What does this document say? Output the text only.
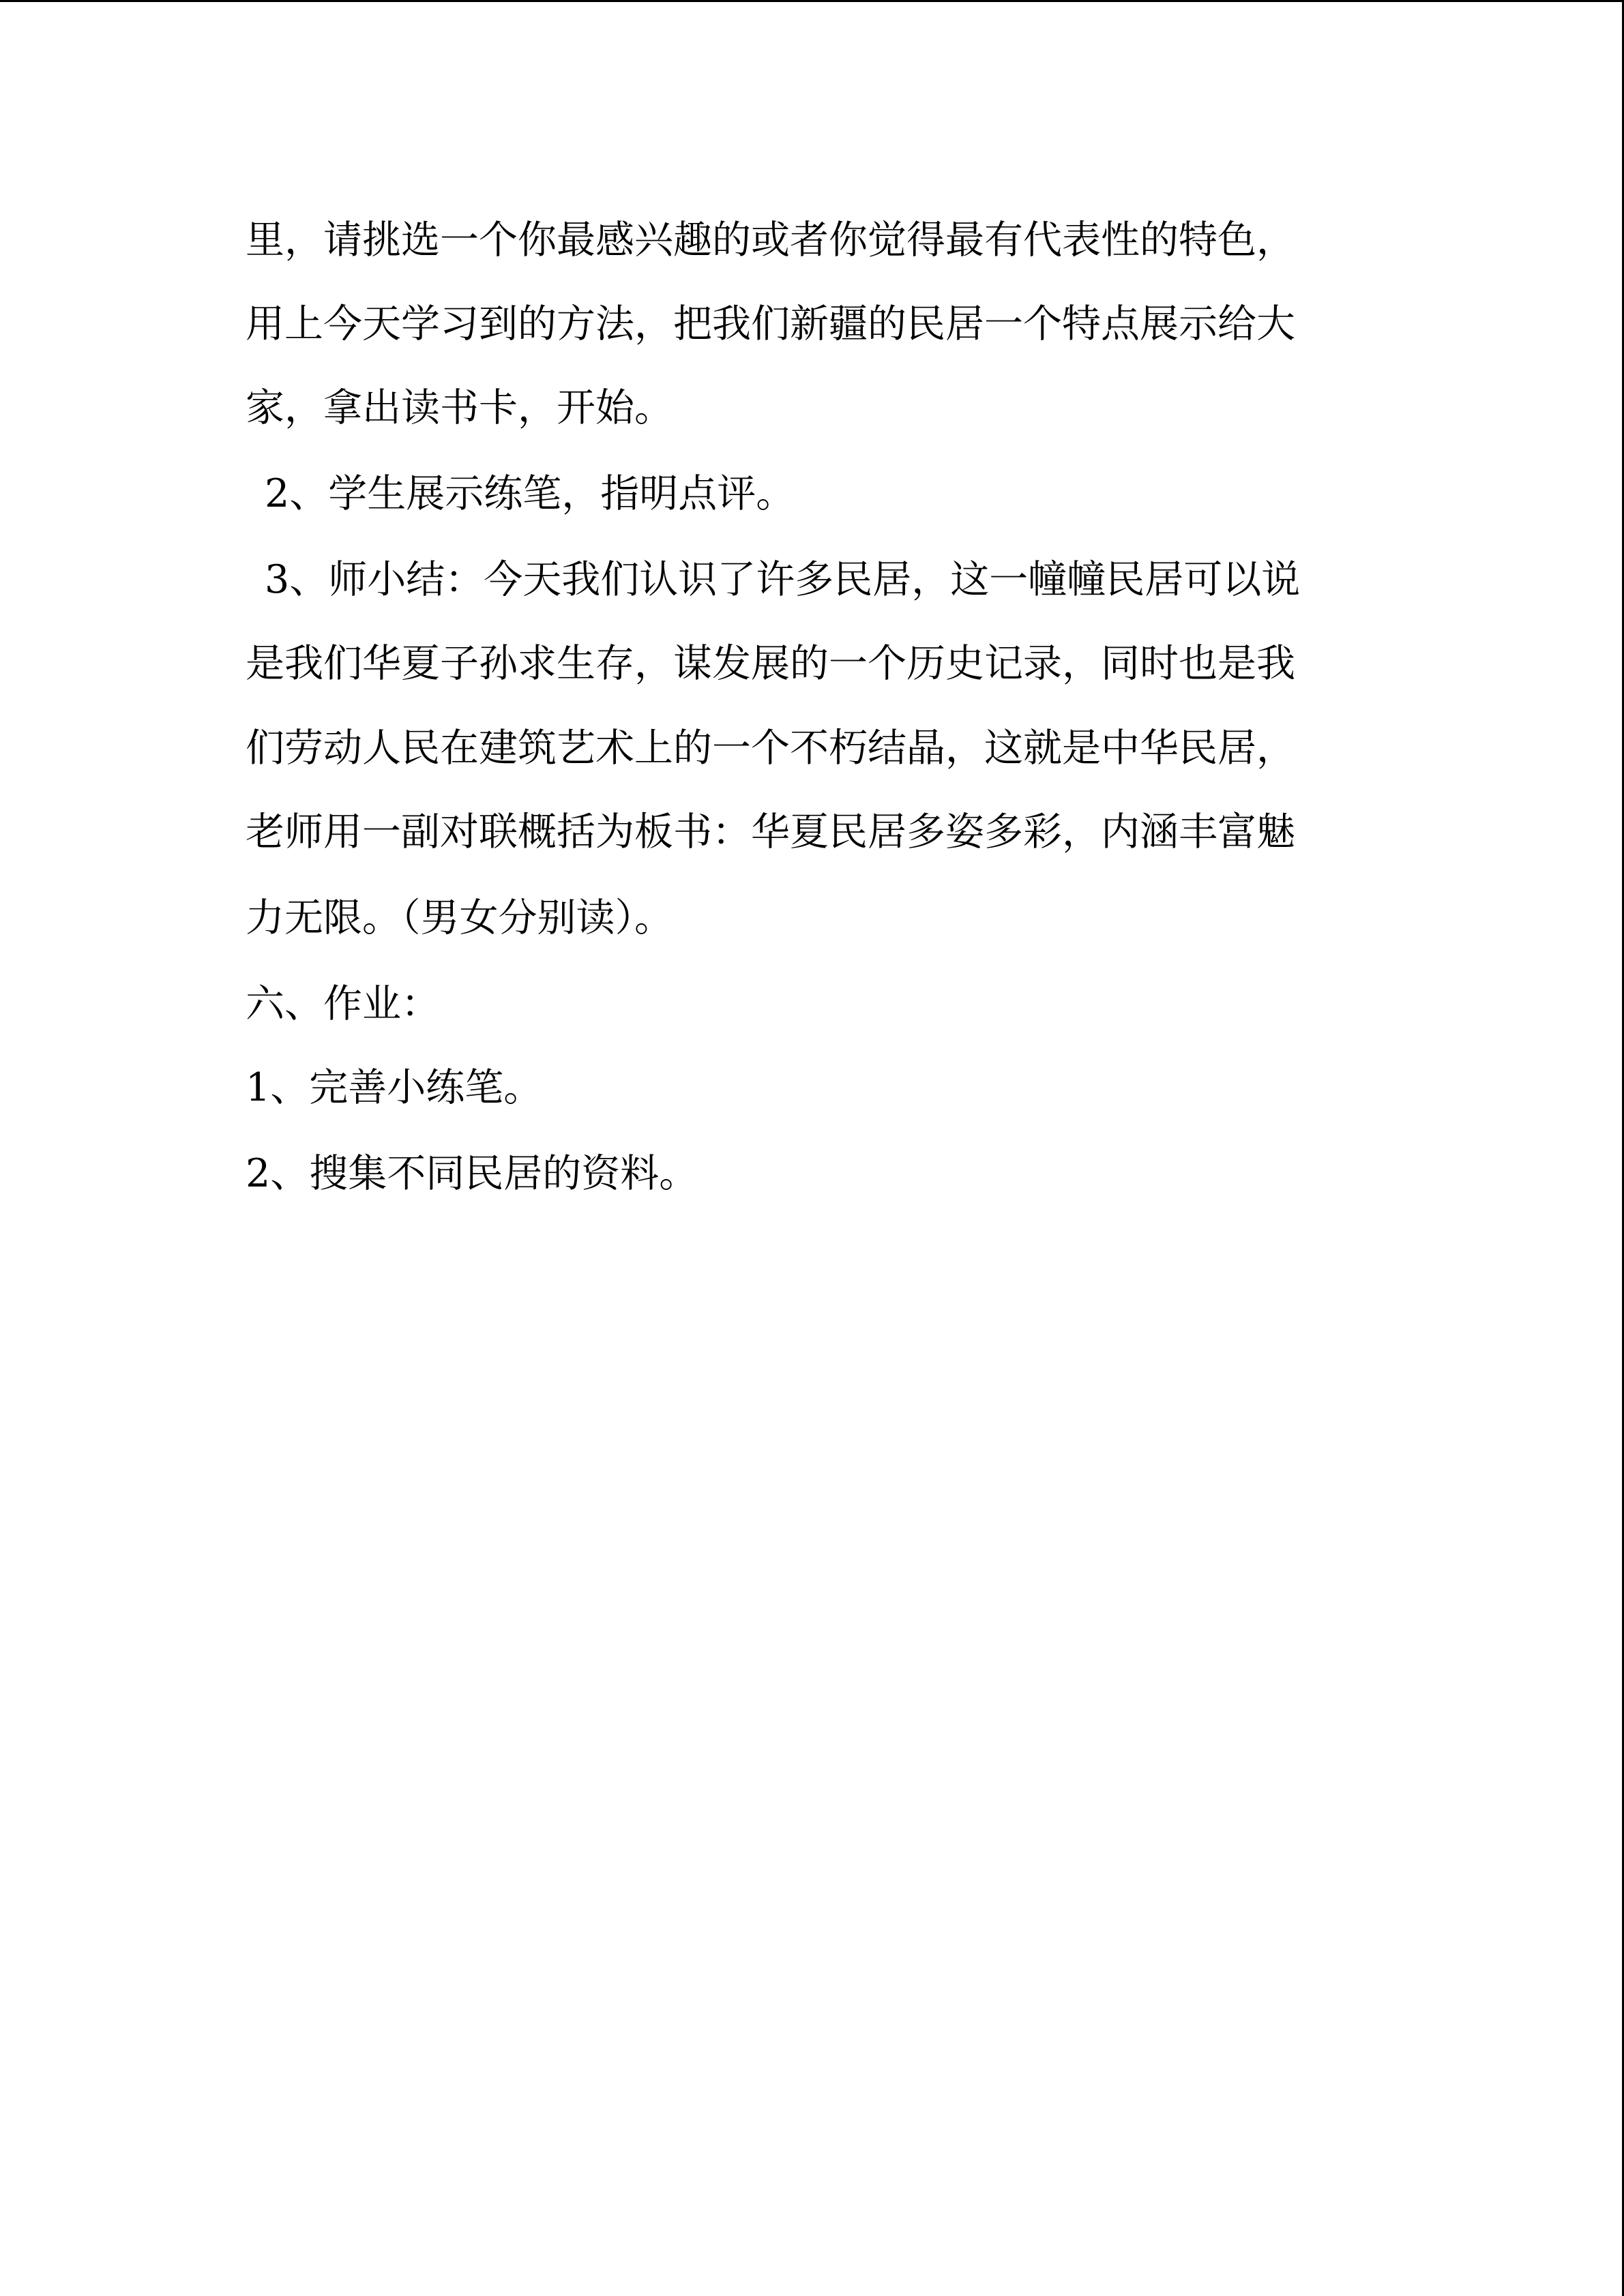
里，请挑选一个你最感兴趣的或者你觉得最有代表性的特色，
用上今天学习到的方法，把我们新疆的民居一个特点展示给大
家，拿出读书卡，开始。
2、学生展示练笔，指明点评。
3、师小结：今天我们认识了许多民居，这一幢幢民居可以说
是我们华夏子孙求生存，谋发展的一个历史记录，同时也是我
们劳动人民在建筑艺术上的一个不朽结晶，这就是中华民居，
老师用一副对联概括为板书：华夏民居多姿多彩，内涵丰富魅
力无限。（男女分别读）。
六、作业：
1、完善小练笔。
2、搜集不同民居的资料。
